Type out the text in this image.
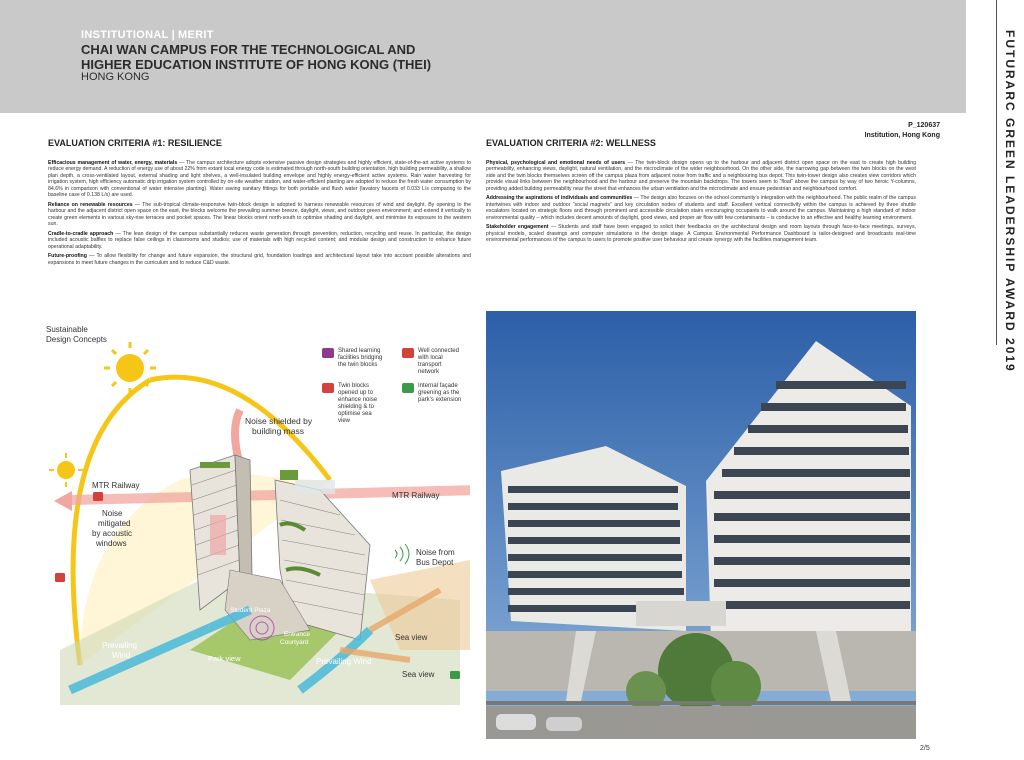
INSTITUTIONAL | MERIT
CHAI WAN CAMPUS FOR THE TECHNOLOGICAL AND
HIGHER EDUCATION INSTITUTE OF HONG KONG (THEI)
HONG KONG	FUTURARC GREEN LEADERSHIP AWARD 2019
P_120637
Institution, Hong Kong
EVALUATION CRITERIA #1: RESILIENCE

Efficacious management of water, energy, materials — The campus architecture adopts extensive passive design strategies and highly efficient, state-of-the-art active systems to reduce energy demand. A reduction of energy use of about 22% from extant local energy code is estimated through north-south building orientation, high building permeability, a shallow plan depth, a cross-ventilated layout, external shading and light shelves, a well-insulated building envelope and highly energy-efficient active systems. Rain water harvesting for irrigation system, high efficiency automatic drip irrigation system controlled by on-site weather station, and water-efficient planting are adopted to reduce the fresh water consumption by 84.6% in comparison with conventional of water intensive planting). Water saving sanitary fittings for both portable and flush water (lavatory faucets of 0.033 L/s comparing to the baseline case of 0.138 L/s) are used.

Reliance on renewable resources — The sub-tropical climate-responsive twin-block design is adopted to harness renewable resources of wind and daylight. By opening to the harbour and the adjacent district open space on the east, the blocks welcome the prevailing summer breeze, daylight, views, and outdoor green environment; and extend it vertically to create green elements in various sky-rise terraces and pocket spaces. The linear blocks orient north-south to optimise shading and daylight, and minimise its exposure to the western sun.

Cradle-to-cradle approach — The lean design of the campus substantially reduces waste generation through prevention, reduction, recycling and reuse. In particular, the design included acoustic baffles to replace false ceilings in classrooms and studios; use of materials with high recycled content; and modular design and construction to enhance future operational adaptability.

Future-proofing — To allow flexibility for change and future expansion, the structural grid, foundation loadings and architectural layout take into account possible alterations and expansions to meet future changes in the curriculum and to reduce C&D waste.

EVALUATION CRITERIA #2: WELLNESS

Physical, psychological and emotional needs of users — The twin-block design opens up to the harbour and adjacent district open space on the east to create high building permeability, enhancing views, daylight, natural ventilation, and the microclimate of the wider neighbourhood. On the other side, the narrowing gap between the twin blocks on the west side and the twin blocks themselves screen off the campus plaza from adjacent noise from traffic and a neighbouring bus depot. This twin-tower design also creates view corridors which provide visual links between the neighbourhood and the harbour and preserve the mountain backdrops. The towers seem to “float” above the campus by way of two heroic Y-columns, providing added building permeability near the street that enhances the urban ventilation and the microclimate and ensure pedestrian and neighbourhood comfort.

Addressing the aspirations of individuals and communities — The design also focuses on the school community’s integration with the neighbourhood. The public realm of the campus intertwines with indoor and outdoor “social magnets” and key circulation nodes of students and staff. Excellent vertical connectivity within the campus is achieved by three shuttle escalators located on strategic floors and through prominent and accessible circulation stairs encouraging occupants to walk around the campus. Maintaining a high standard of indoor environmental quality – which includes decent amounts of daylight, good views, and proper air flow with few contaminants – is conducive to an effective and healthy learning environment.

Stakeholder engagement — Students and staff have been engaged to solicit their feedbacks on the architectural design and room layouts through face-to-face meetings, surveys, physical models, scaled drawings and computer simulations in the design stage. A Campus Environmental Performance Dashboard is tailor-designed and broadcasts real-time environmental performances of the campus to users to promote positive user behaviour and create synergy with the facilities management team.

Sustainable
Design Concepts
Noise shielded by
building mass
MTR Railway
MTR Railway
Noise mitigated by acoustic windows
Prevailing Wind
Prevailing Wind
Park view
Sea view
Sea view
Noise from Bus Depot
Student Plaza
Entrance Courtyard
Shared learning facilities bridging the twin blocks
Well connected with local transport network
Twin blocks opened up to enhance noise shielding & to optimise sea view
Internal façade greening as the park’s extension
2/5
